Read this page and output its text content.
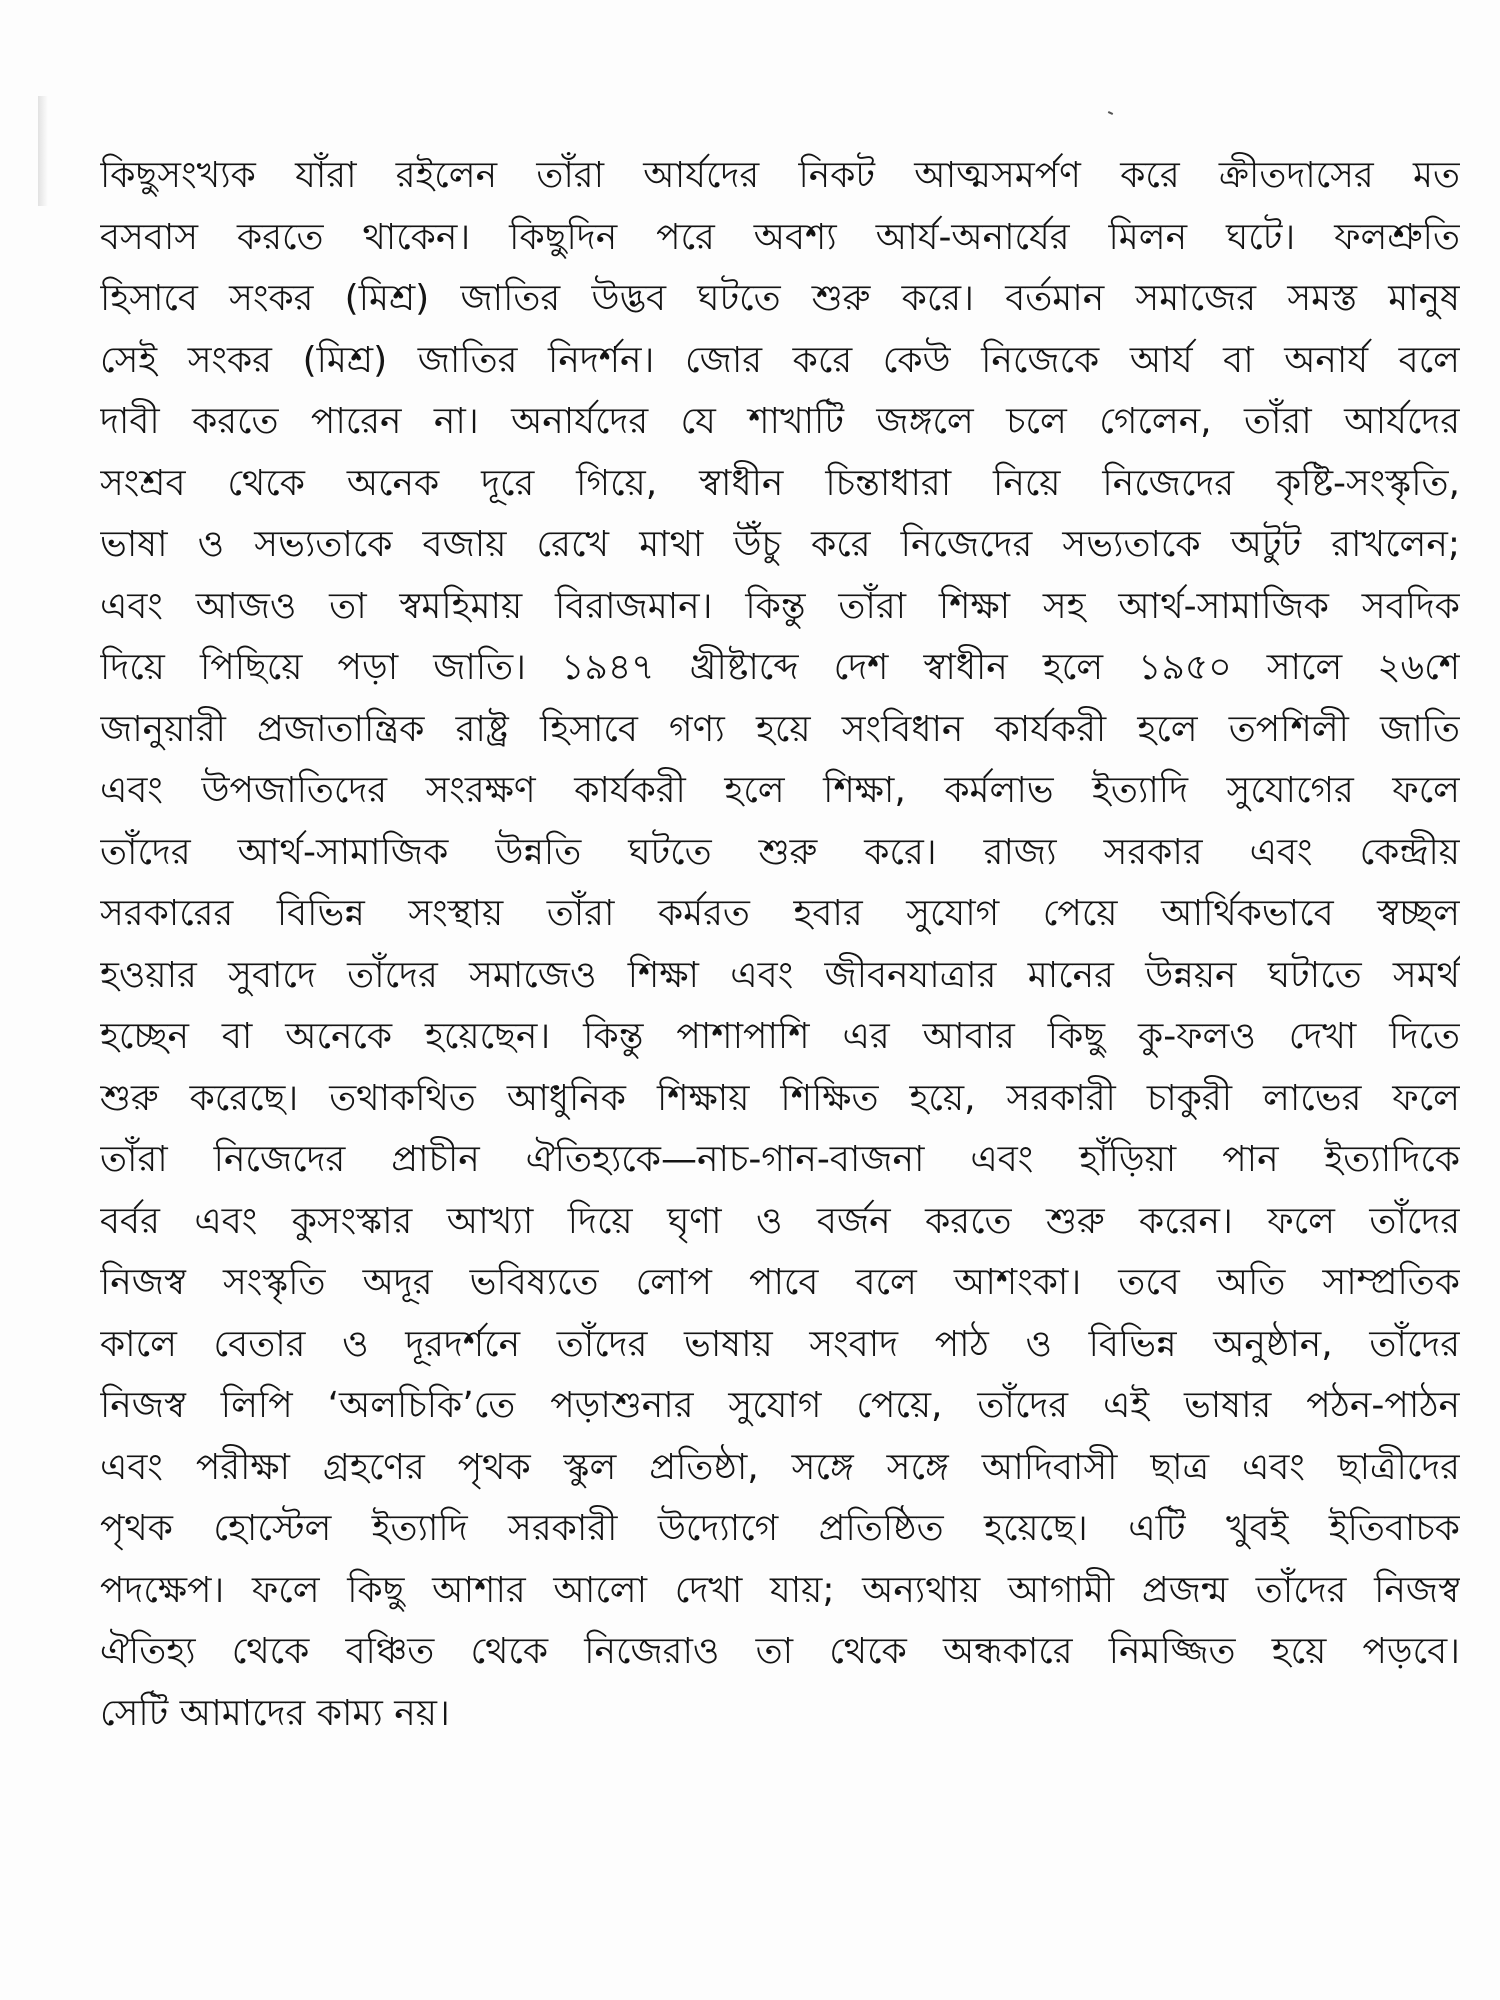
কিছুসংখ্যক যাঁরা রইলেন তাঁরা আর্যদের নিকট আত্মসমর্পণ করে ক্রীতদাসের মত
বসবাস করতে থাকেন। কিছুদিন পরে অবশ্য আর্য-অনার্যের মিলন ঘটে। ফলশ্রুতি
হিসাবে সংকর (মিশ্র) জাতির উদ্ভব ঘটতে শুরু করে। বর্তমান সমাজের সমস্ত মানুষ
সেই সংকর (মিশ্র) জাতির নিদর্শন। জোর করে কেউ নিজেকে আর্য বা অনার্য বলে
দাবী করতে পারেন না। অনার্যদের যে শাখাটি জঙ্গলে চলে গেলেন, তাঁরা আর্যদের
সংশ্রব থেকে অনেক দূরে গিয়ে, স্বাধীন চিন্তাধারা নিয়ে নিজেদের কৃষ্টি-সংস্কৃতি,
ভাষা ও সভ্যতাকে বজায় রেখে মাথা উঁচু করে নিজেদের সভ্যতাকে অটুট রাখলেন;
এবং আজও তা স্বমহিমায় বিরাজমান। কিন্তু তাঁরা শিক্ষা সহ আর্থ-সামাজিক সবদিক
দিয়ে পিছিয়ে পড়া জাতি। ১৯৪৭ খ্রীষ্টাব্দে দেশ স্বাধীন হলে ১৯৫০ সালে ২৬শে
জানুয়ারী প্রজাতান্ত্রিক রাষ্ট্র হিসাবে গণ্য হয়ে সংবিধান কার্যকরী হলে তপশিলী জাতি
এবং উপজাতিদের সংরক্ষণ কার্যকরী হলে শিক্ষা, কর্মলাভ ইত্যাদি সুযোগের ফলে
তাঁদের আর্থ-সামাজিক উন্নতি ঘটতে শুরু করে। রাজ্য সরকার এবং কেন্দ্রীয়
সরকারের বিভিন্ন সংস্থায় তাঁরা কর্মরত হবার সুযোগ পেয়ে আর্থিকভাবে স্বচ্ছল
হওয়ার সুবাদে তাঁদের সমাজেও শিক্ষা এবং জীবনযাত্রার মানের উন্নয়ন ঘটাতে সমর্থ
হচ্ছেন বা অনেকে হয়েছেন। কিন্তু পাশাপাশি এর আবার কিছু কু-ফলও দেখা দিতে
শুরু করেছে। তথাকথিত আধুনিক শিক্ষায় শিক্ষিত হয়ে, সরকারী চাকুরী লাভের ফলে
তাঁরা নিজেদের প্রাচীন ঐতিহ্যকে—নাচ-গান-বাজনা এবং হাঁড়িয়া পান ইত্যাদিকে
বর্বর এবং কুসংস্কার আখ্যা দিয়ে ঘৃণা ও বর্জন করতে শুরু করেন। ফলে তাঁদের
নিজস্ব সংস্কৃতি অদূর ভবিষ্যতে লোপ পাবে বলে আশংকা। তবে অতি সাম্প্রতিক
কালে বেতার ও দূরদর্শনে তাঁদের ভাষায় সংবাদ পাঠ ও বিভিন্ন অনুষ্ঠান, তাঁদের
নিজস্ব লিপি ‘অলচিকি’তে পড়াশুনার সুযোগ পেয়ে, তাঁদের এই ভাষার পঠন-পাঠন
এবং পরীক্ষা গ্রহণের পৃথক স্কুল প্রতিষ্ঠা, সঙ্গে সঙ্গে আদিবাসী ছাত্র এবং ছাত্রীদের
পৃথক হোস্টেল ইত্যাদি সরকারী উদ্যোগে প্রতিষ্ঠিত হয়েছে। এটি খুবই ইতিবাচক
পদক্ষেপ। ফলে কিছু আশার আলো দেখা যায়; অন্যথায় আগামী প্রজন্ম তাঁদের নিজস্ব
ঐতিহ্য থেকে বঞ্চিত থেকে নিজেরাও তা থেকে অন্ধকারে নিমজ্জিত হয়ে পড়বে।
সেটি আমাদের কাম্য নয়।
